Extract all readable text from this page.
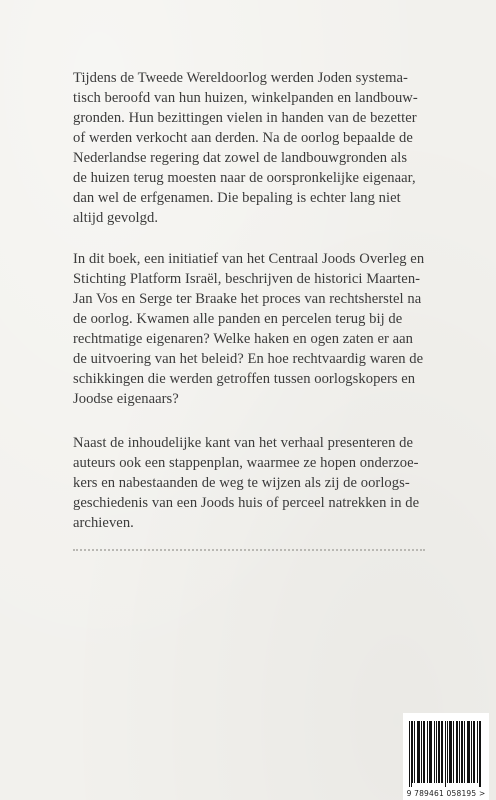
Tijdens de Tweede Wereldoorlog werden Joden systema-
tisch beroofd van hun huizen, winkelpanden en landbouw-
gronden. Hun bezittingen vielen in handen van de bezetter
of werden verkocht aan derden. Na de oorlog bepaalde de
Nederlandse regering dat zowel de landbouwgronden als
de huizen terug moesten naar de oorspronkelijke eigenaar,
dan wel de erfgenamen. Die bepaling is echter lang niet
altijd gevolgd.

In dit boek, een initiatief van het Centraal Joods Overleg en
Stichting Platform Israël, beschrijven de historici Maarten-
Jan Vos en Serge ter Braake het proces van rechtsherstel na
de oorlog. Kwamen alle panden en percelen terug bij de
rechtmatige eigenaren? Welke haken en ogen zaten er aan
de uitvoering van het beleid? En hoe rechtvaardig waren de
schikkingen die werden getroffen tussen oorlogskopers en
Joodse eigenaars?

Naast de inhoudelijke kant van het verhaal presenteren de
auteurs ook een stappenplan, waarmee ze hopen onderzoe-
kers en nabestaanden de weg te wijzen als zij de oorlogs-
geschiedenis van een Joods huis of perceel natrekken in de
archieven.

9 789461 058195 >
